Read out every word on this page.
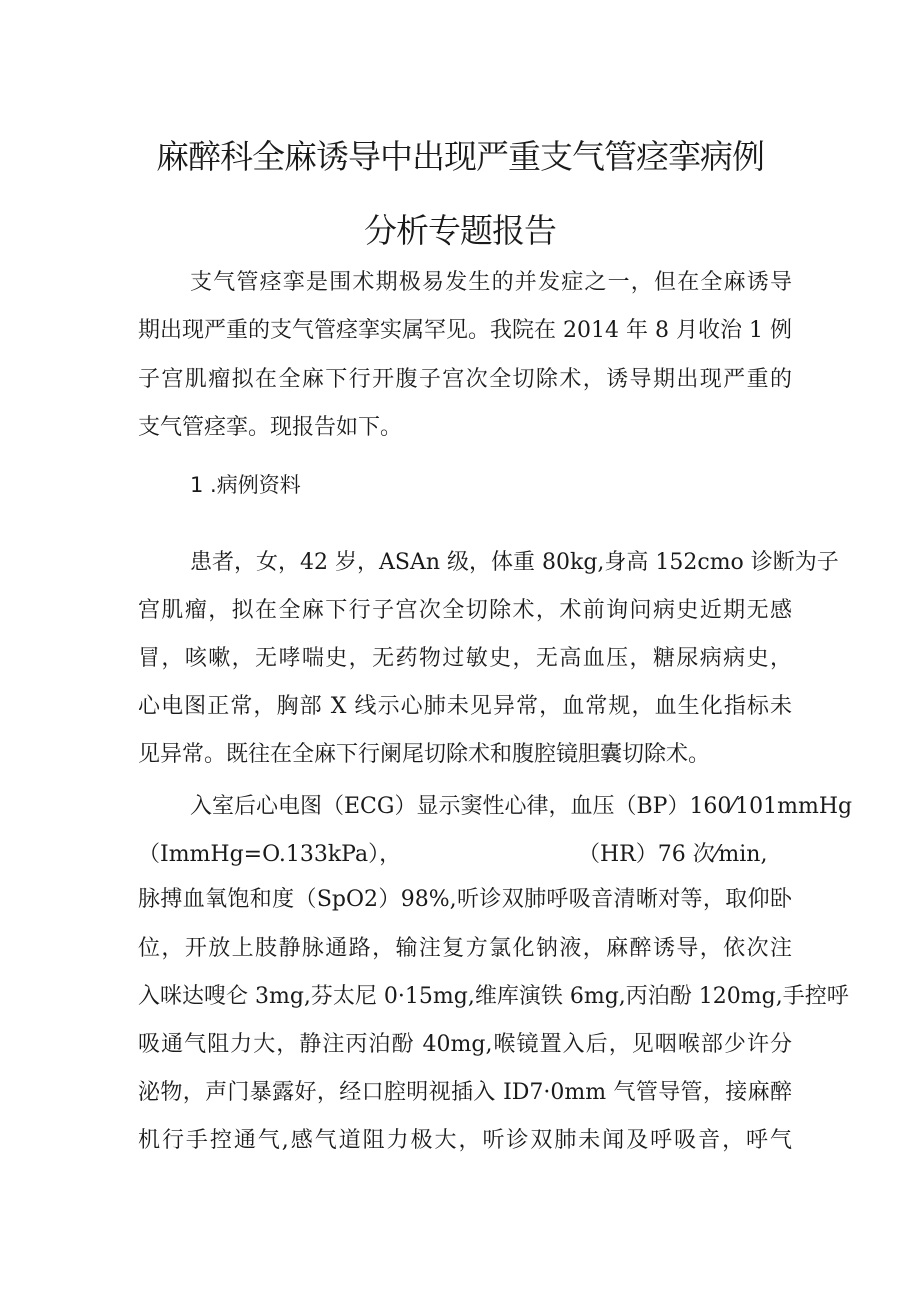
麻醉科全麻诱导中出现严重支气管痉挛病例
分析专题报告

支气管痉挛是围术期极易发生的并发症之一，但在全麻诱导

期出现严重的支气管痉挛实属罕见。我院在 2014 年 8 月收治 1 例

子宫肌瘤拟在全麻下行开腹子宫次全切除术，诱导期出现严重的

支气管痉挛。现报告如下。

1 .病例资料

患者，女，42 岁，ASAn 级，体重 80kg,身高 152cmo 诊断为子

宫肌瘤，拟在全麻下行子宫次全切除术，术前询问病史近期无感

冒，咳嗽，无哮喘史，无药物过敏史，无高血压，糖尿病病史，

心电图正常，胸部 X 线示心肺未见异常，血常规，血生化指标未

见异常。既往在全麻下行阑尾切除术和腹腔镜胆囊切除术。

入室后心电图（ECG）显示窦性心律，血压（BP）160⁄101mmHg

（ImmHg=O.133kPa），	（HR）76 次⁄min,

脉搏血氧饱和度（SpO2）98%,听诊双肺呼吸音清晰对等，取仰卧

位，开放上肢静脉通路，输注复方氯化钠液，麻醉诱导，依次注

入咪达嗖仑 3mg,芬太尼 0·15mg,维库演铁 6mg,丙泊酚 120mg,手控呼

吸通气阻力大，静注丙泊酚 40mg,喉镜置入后，见咽喉部少许分

泌物，声门暴露好，经口腔明视插入 ID7·0mm 气管导管，接麻醉

机行手控通气,感气道阻力极大，听诊双肺未闻及呼吸音，呼气
